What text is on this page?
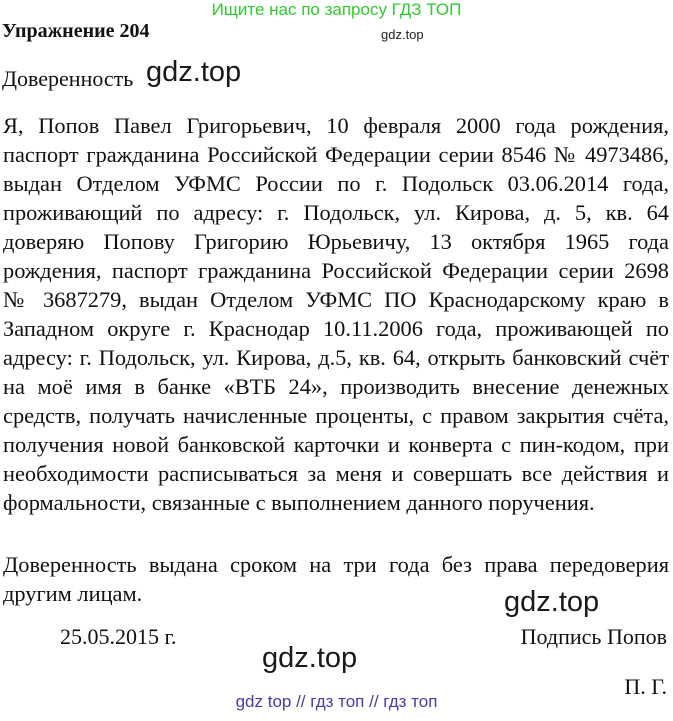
Ищите нас по запросу ГДЗ ТОП
Упражнение 204	gdz.top
Доверенность gdz.top
Я, Попов Павел Григорьевич, 10 февраля 2000 года рождения,
паспорт гражданина Российской Федерации серии 8546 № 4973486,
выдан Отделом УФМС России по г. Подольск 03.06.2014 года,
проживающий по адресу: г. Подольск, ул. Кирова, д. 5, кв. 64
доверяю Попову Григорию Юрьевичу, 13 октября 1965 года
рождения, паспорт гражданина Российской Федерации серии 2698
№ 3687279, выдан Отделом УФМС ПО Краснодарскому краю в
Западном округе г. Краснодар 10.11.2006 года, проживающей по
адресу: г. Подольск, ул. Кирова, д.5, кв. 64, открыть банковский счёт
на моё имя в банке «ВТБ 24», производить внесение денежных
средств, получать начисленные проценты, с правом закрытия счёта,
получения новой банковской карточки и конверта с пин-кодом, при
необходимости расписываться за меня и совершать все действия и
формальности, связанные с выполнением данного поручения.
Доверенность выдана сроком на три года без права передоверия
другим лицам.	gdz.top
25.05.2015 г.	Подпись Попов
gdz.top
П. Г.
gdz top // гдз топ // гдз топ
